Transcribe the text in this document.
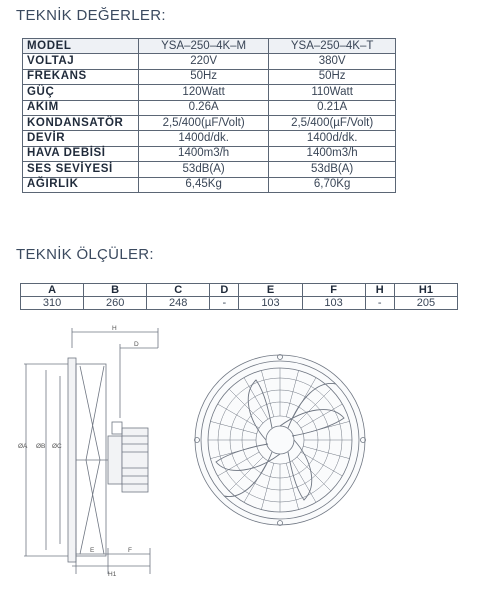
TEKNİK DEĞERLER:
MODEL	YSA–250–4K–M	YSA–250–4K–T
VOLTAJ	220V	380V
FREKANS	50Hz	50Hz
GÜÇ	120Watt	110Watt
AKIM	0.26A	0.21A
KONDANSATÖR	2,5/400(µF/Volt)	2,5/400(µF/Volt)
DEVİR	1400d/dk.	1400d/dk.
HAVA DEBİSİ	1400m3/h	1400m3/h
SES SEVİYESİ	53dB(A)	53dB(A)
AĞIRLIK	6,45Kg	6,70Kg
TEKNİK ÖLÇÜLER:
A	B	C	D	E	F	H	H1
310	260	248	-	103	103	-	205
H
D
ØA ØB ØC
E	F
H1
